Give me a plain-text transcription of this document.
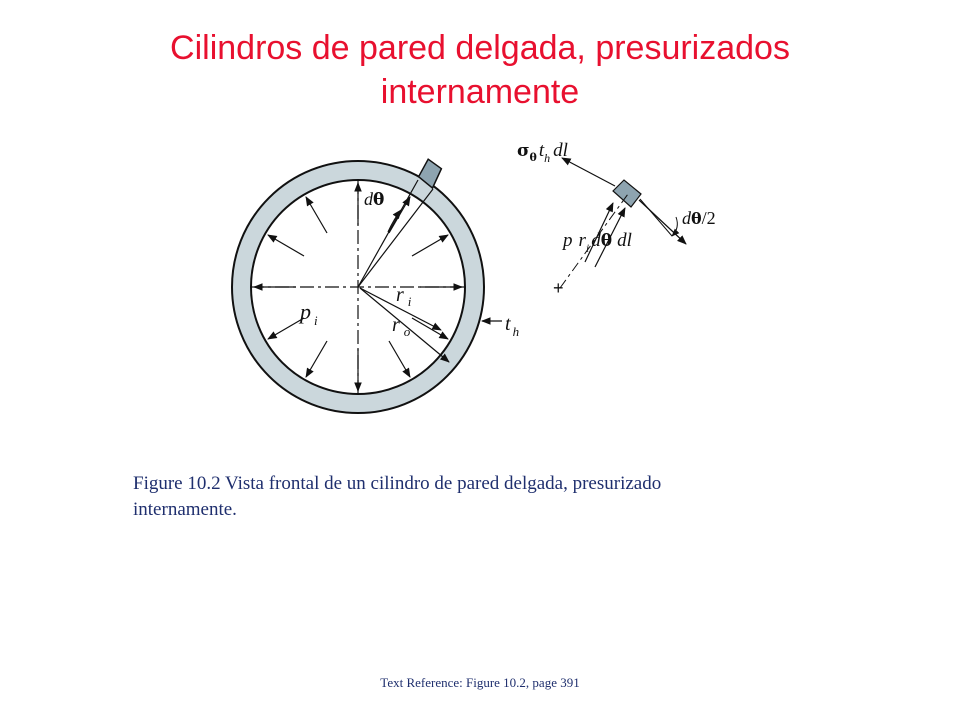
Cilindros de pared delgada, presurizados
internamente
dθ
p $_i$
r $_i$
r $_o$	t $_h$
$\sigma_\theta$ $t_h$ dl
p $r_i$ dθ dl
dθ/2
+
Figure 10.2 Vista frontal de un cilindro de pared delgada, presurizado
internamente.
Text Reference: Figure 10.2, page 391
